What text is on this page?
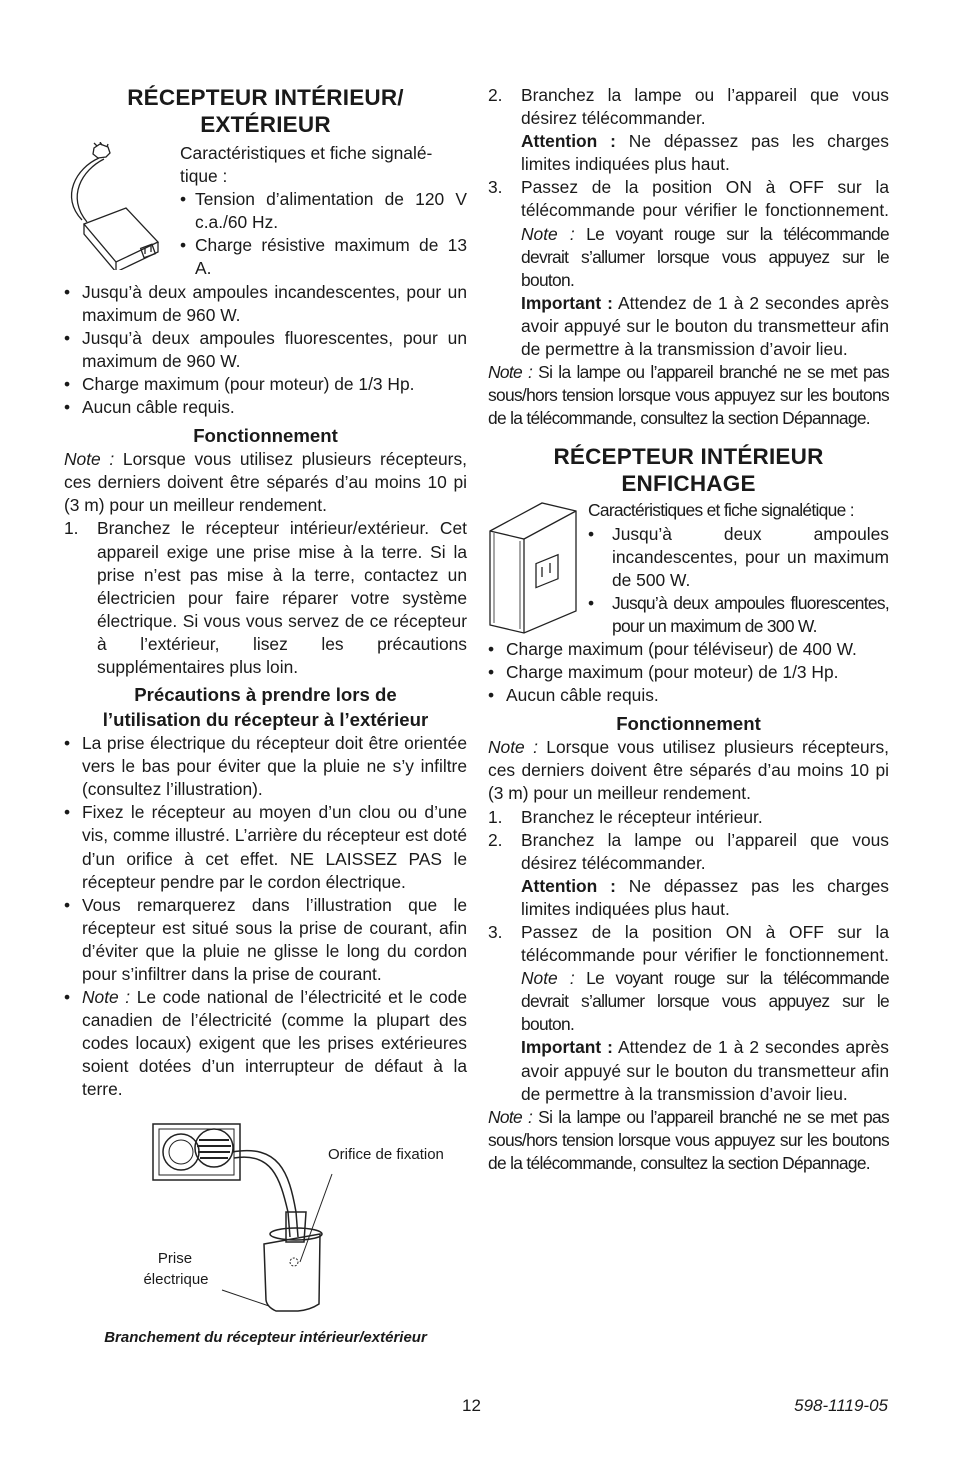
RÉCEPTEUR INTÉRIEUR/
EXTÉRIEUR

Caractéristiques et fiche signalé-
tique :

• Tension d’alimentation de 120 V c.a./60 Hz.
• Charge résistive maximum de 13 A.
• Jusqu’à deux ampoules incandescentes, pour un maximum de 960 W.
• Jusqu’à deux ampoules fluorescentes, pour un maximum de 960 W.
• Charge maximum (pour moteur) de 1/3 Hp.
• Aucun câble requis.
Fonctionnement

Note : Lorsque vous utilisez plusieurs récepteurs, ces derniers doivent être séparés d’au moins 10 pi (3 m) pour un meilleur rendement.

1. Branchez le récepteur intérieur/extérieur. Cet appareil exige une prise mise à la terre. Si la prise n’est pas mise à la terre, contactez un électricien pour faire réparer votre système électrique. Si vous vous servez de ce récepteur à l’extérieur, lisez les précautions supplémentaires plus loin.
Précautions à prendre lors de
l’utilisation du récepteur à l’extérieur
• La prise électrique du récepteur doit être orientée vers le bas pour éviter que la pluie ne s’y infiltre (consultez l’illustration).
• Fixez le récepteur au moyen d’un clou ou d’une vis, comme illustré. L’arrière du récepteur est doté d’un orifice à cet effet. NE LAISSEZ PAS le récepteur pendre par le cordon électrique.
• Vous remarquerez dans l’illustration que le récepteur est situé sous la prise de courant, afin d’éviter que la pluie ne glisse le long du cordon pour s’infiltrer dans la prise de courant.
• Note : Le code national de l’électricité et le code canadien de l’électricité (comme la plupart des codes locaux) exigent que les prises extérieures soient dotées d’un interrupteur de défaut à la terre.
Orifice de fixation
Prise
électrique
Branchement du récepteur intérieur/extérieur
2. Branchez la lampe ou l’appareil que vous désirez télécommander.
Attention : Ne dépassez pas les charges limites indiquées plus haut.
3. Passez de la position ON à OFF sur la télécommande pour vérifier le fonctionnement. Note : Le voyant rouge sur la télécommande devrait s’allumer lorsque vous appuyez sur le bouton.
Important : Attendez de 1 à 2 secondes après avoir appuyé sur le bouton du transmetteur afin de permettre à la transmission d’avoir lieu.

Note : Si la lampe ou l’appareil branché ne se met pas sous/hors tension lorsque vous appuyez sur les boutons de la télécommande, consultez la section Dépannage.

RÉCEPTEUR INTÉRIEUR
ENFICHAGE

Caractéristiques et fiche signalétique :

• Jusqu’à deux ampoules incandescentes, pour un maximum de 500 W.
• Jusqu’à deux ampoules fluorescentes, pour un maximum de 300 W.
• Charge maximum (pour téléviseur) de 400 W.
• Charge maximum (pour moteur) de 1/3 Hp.
• Aucun câble requis.
Fonctionnement

Note : Lorsque vous utilisez plusieurs récepteurs, ces derniers doivent être séparés d’au moins 10 pi (3 m) pour un meilleur rendement.

1. Branchez le récepteur intérieur.
2. Branchez la lampe ou l’appareil que vous désirez télécommander.
Attention : Ne dépassez pas les charges limites indiquées plus haut.
3. Passez de la position ON à OFF sur la télécommande pour vérifier le fonctionnement. Note : Le voyant rouge sur la télécommande devrait s’allumer lorsque vous appuyez sur le bouton.
Important : Attendez de 1 à 2 secondes après avoir appuyé sur le bouton du transmetteur afin de permettre à la transmission d’avoir lieu.

Note : Si la lampe ou l’appareil branché ne se met pas sous/hors tension lorsque vous appuyez sur les boutons de la télécommande, consultez la section Dépannage.

12	598-1119-05
